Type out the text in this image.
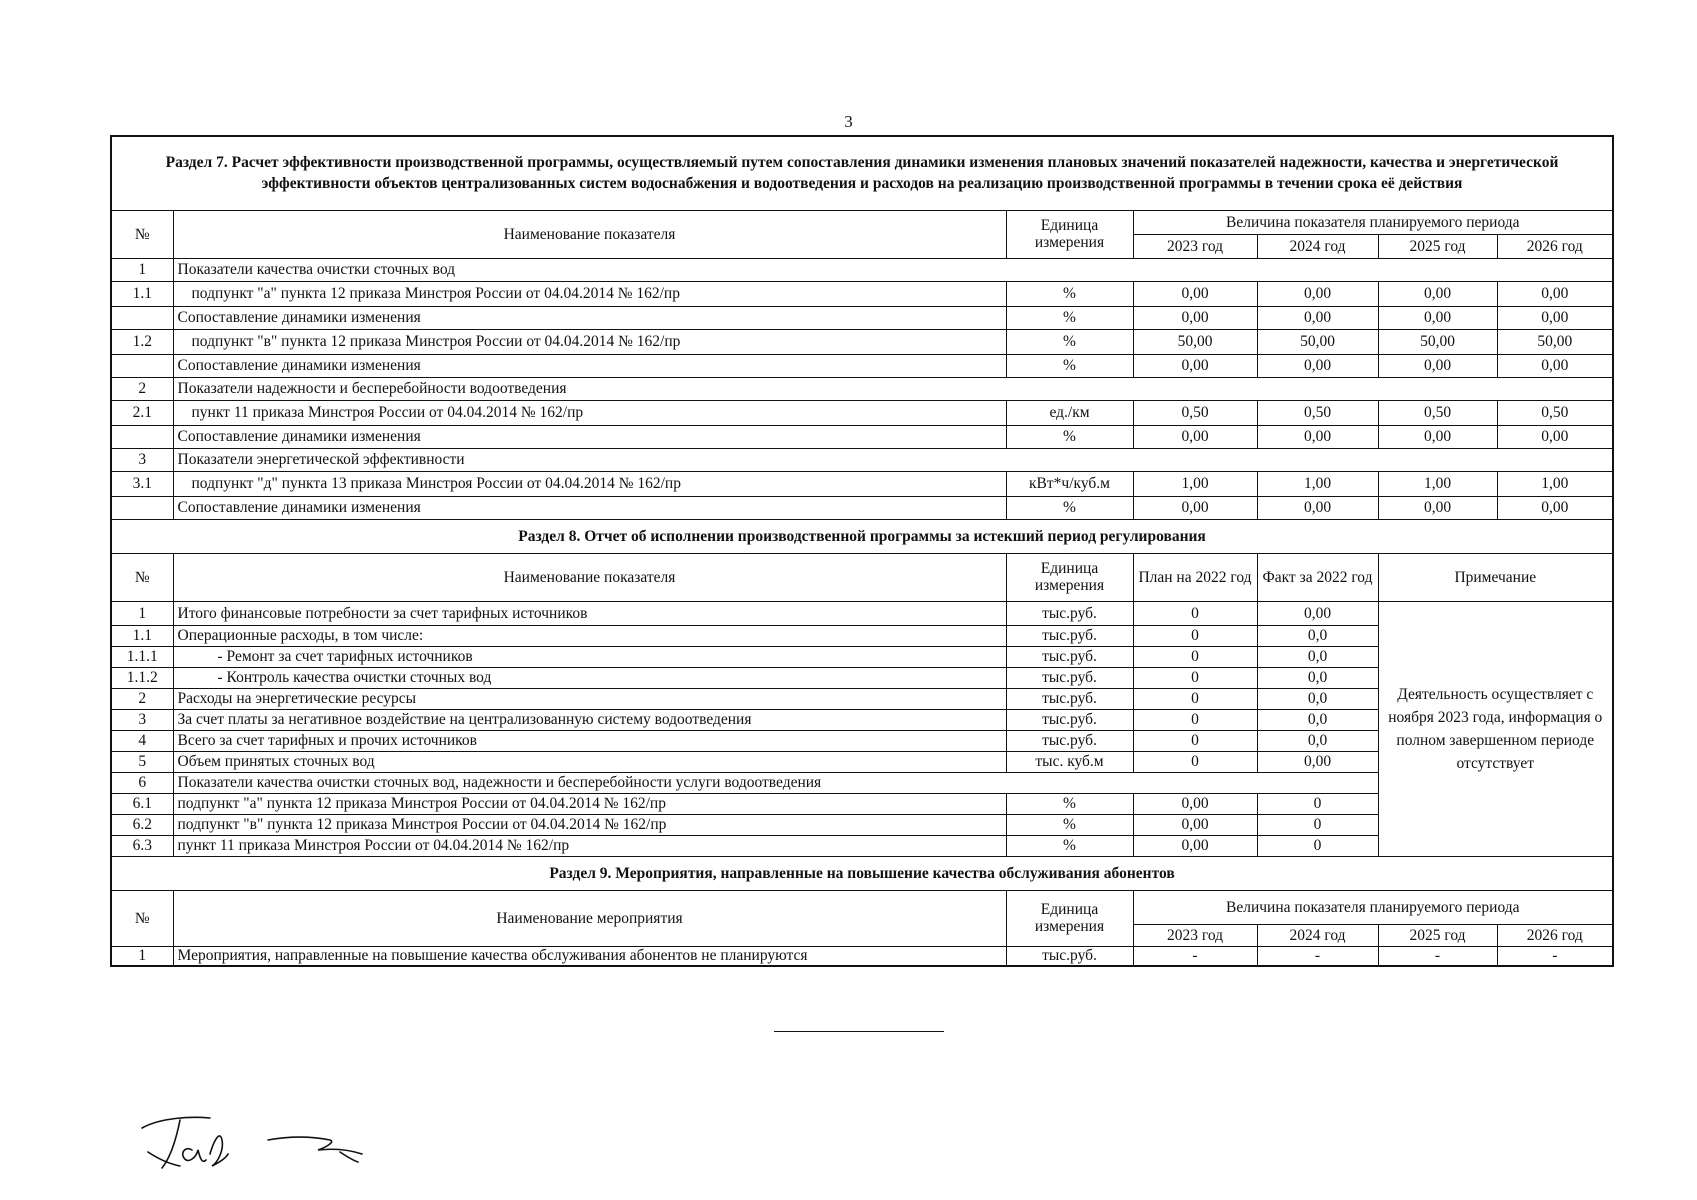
3
Раздел 7. Расчет эффективности производственной программы, осуществляемый путем сопоставления динамики изменения плановых значений показателей надежности, качества и энергетической эффективности объектов централизованных систем водоснабжения и водоотведения и расходов на реализацию производственной программы в течении срока её действия						
№	Наименование показателя	Единица измерения	Величина показателя планируемого периода			
			2023 год	2024 год	2025 год	2026 год
1	Показатели качества очистки сточных вод					
1.1	подпункт "а" пункта 12 приказа Минстроя России от 04.04.2014 № 162/пр	%	0,00	0,00	0,00	0,00
	Сопоставление динамики изменения	%	0,00	0,00	0,00	0,00
1.2	подпункт "в" пункта 12 приказа Минстроя России от 04.04.2014 № 162/пр	%	50,00	50,00	50,00	50,00
	Сопоставление динамики изменения	%	0,00	0,00	0,00	0,00
2	Показатели надежности и бесперебойности водоотведения					
2.1	пункт 11 приказа Минстроя России от 04.04.2014 № 162/пр	ед./км	0,50	0,50	0,50	0,50
	Сопоставление динамики изменения	%	0,00	0,00	0,00	0,00
3	Показатели энергетической эффективности					
3.1	подпункт "д" пункта 13 приказа Минстроя России от 04.04.2014 № 162/пр	кВт*ч/куб.м	1,00	1,00	1,00	1,00
	Сопоставление динамики изменения	%	0,00	0,00	0,00	0,00
Раздел 8. Отчет об исполнении производственной программы за истекший период регулирования						
№	Наименование показателя	Единица измерения	План на 2022 год	Факт за 2022 год	Примечание	
1	Итого финансовые потребности за счет тарифных источников	тыс.руб.	0	0,00	Деятельность осуществляет с ноября 2023 года, информация о полном завершенном периоде отсутствует	
1.1	Операционные расходы, в том числе:	тыс.руб.	0	0,0		
1.1.1	- Ремонт за счет тарифных источников	тыс.руб.	0	0,0		
1.1.2	- Контроль качества очистки сточных вод	тыс.руб.	0	0,0		
2	Расходы на энергетические ресурсы	тыс.руб.	0	0,0		
3	За счет платы за негативное воздействие на централизованную систему водоотведения	тыс.руб.	0	0,0		
4	Всего за счет тарифных и прочих источников	тыс.руб.	0	0,0		
5	Объем принятых сточных вод	тыс. куб.м	0	0,00		
6	Показатели качества очистки сточных вод, надежности и бесперебойности услуги водоотведения					
6.1	подпункт "а" пункта 12 приказа Минстроя России от 04.04.2014 № 162/пр	%	0,00	0		
6.2	подпункт "в" пункта 12 приказа Минстроя России от 04.04.2014 № 162/пр	%	0,00	0		
6.3	пункт 11 приказа Минстроя России от 04.04.2014 № 162/пр	%	0,00	0		
Раздел 9. Мероприятия, направленные на повышение качества обслуживания абонентов						
№	Наименование мероприятия	Единица измерения	Величина показателя планируемого периода			
			2023 год	2024 год	2025 год	2026 год
1	Мероприятия, направленные на повышение качества обслуживания абонентов не планируются	тыс.руб.	-	-	-	-
